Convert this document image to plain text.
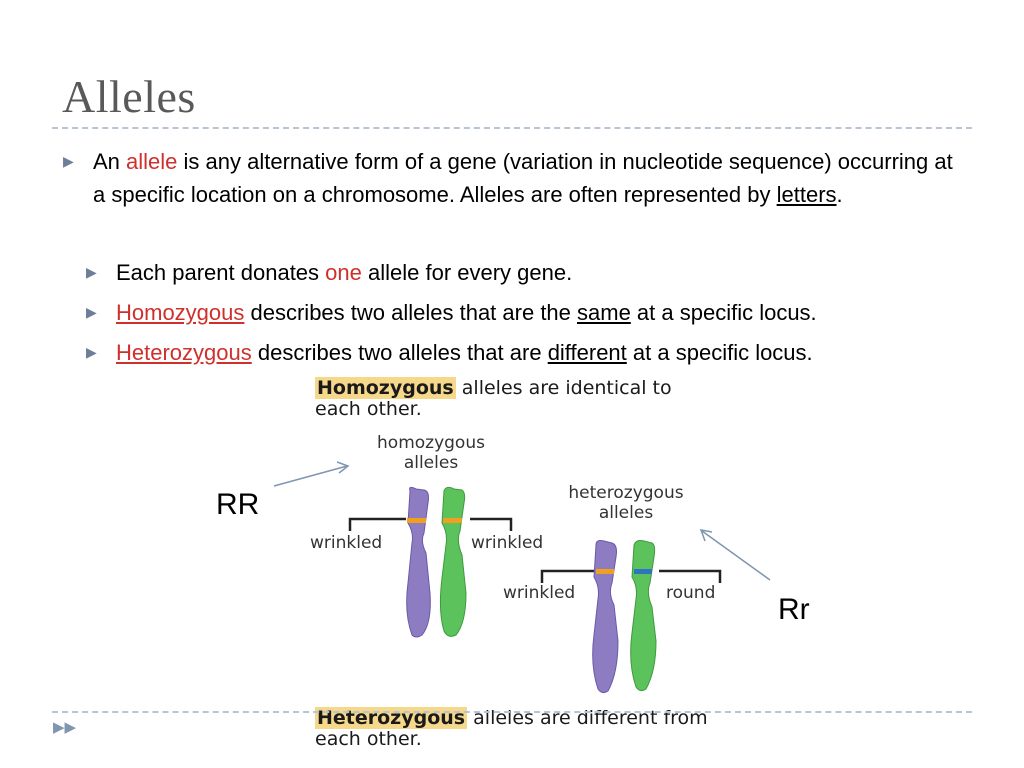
Alleles
▶ An allele is any alternative form of a gene (variation in nucleotide sequence) occurring at a specific location on a chromosome. Alleles are often represented by letters.
▶ Each parent donates one allele for every gene.
▶ Homozygous describes two alleles that are the same at a specific locus.
▶ Heterozygous describes two alleles that are different at a specific locus.
Homozygous alleles are identical to
each other.
homozygous
alleles
heterozygous
alleles
wrinkled	wrinkled
wrinkled	round
Heterozygous alleles are different from
each other.
RR
Rr
▶▶
